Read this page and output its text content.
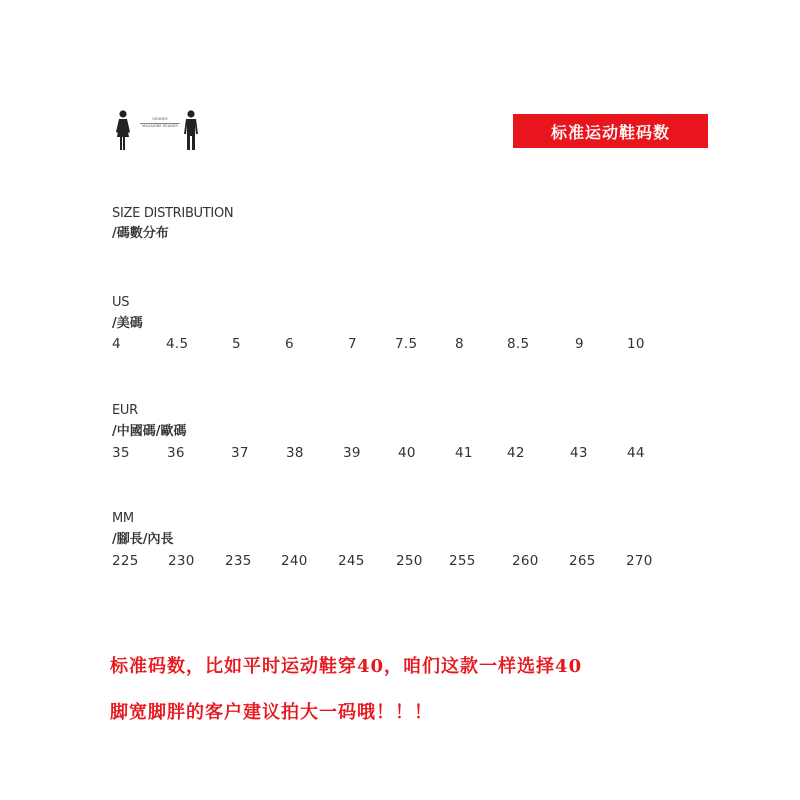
GENDER
MAGAZINE READER	标准运动鞋码数
SIZE DISTRIBUTION
/碼數分布
US
/美碼
4	4.5	5	6	7	7.5	8	8.5	9	10
EUR
/中國碼/歐碼
35	36	37	38	39	40	41	42	43	44
MM
/腳長/內長
225 230 235 240 245 250 255	260 265 270
标准码数，比如平时运动鞋穿40，咱们这款一样选择40
脚宽脚胖的客户建议拍大一码哦！！！
